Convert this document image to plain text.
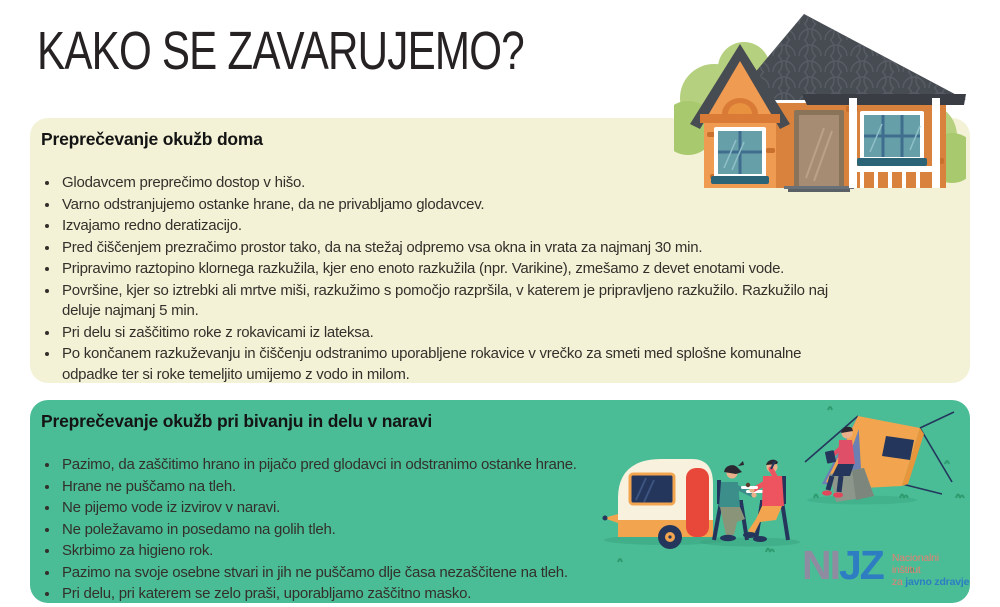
KAKO SE ZAVARUJEMO?
Preprečevanje okužb doma
• Glodavcem preprečimo dostop v hišo.
• Varno odstranjujemo ostanke hrane, da ne privabljamo glodavcev.
• Izvajamo redno deratizacijo.
• Pred čiščenjem prezračimo prostor tako, da na stežaj odpremo vsa okna in vrata za najmanj 30 min.
• Pripravimo raztopino klornega razkužila, kjer eno enoto razkužila (npr. Varikine), zmešamo z devet enotami vode.
• Površine, kjer so iztrebki ali mrtve miši, razkužimo s pomočjo razpršila, v katerem je pripravljeno razkužilo. Razkužilo naj deluje najmanj 5 min.
• Pri delu si zaščitimo roke z rokavicami iz lateksa.
• Po končanem razkuževanju in čiščenju odstranimo uporabljene rokavice v vrečko za smeti med splošne komunalne odpadke ter si roke temeljito umijemo z vodo in milom.
Preprečevanje okužb pri bivanju in delu v naravi
• Pazimo, da zaščitimo hrano in pijačo pred glodavci in odstranimo ostanke hrane.
• Hrane ne puščamo na tleh.
• Ne pijemo vode iz izvirov v naravi.
• Ne poležavamo in posedamo na golih tleh.
• Skrbimo za higieno rok.
• Pazimo na svoje osebne stvari in jih ne puščamo dlje časa nezaščitene na tleh.
• Pri delu, pri katerem se zelo praši, uporabljamo zaščitno masko.
NIJZ Nacionalni inštitut
za javno zdravje
